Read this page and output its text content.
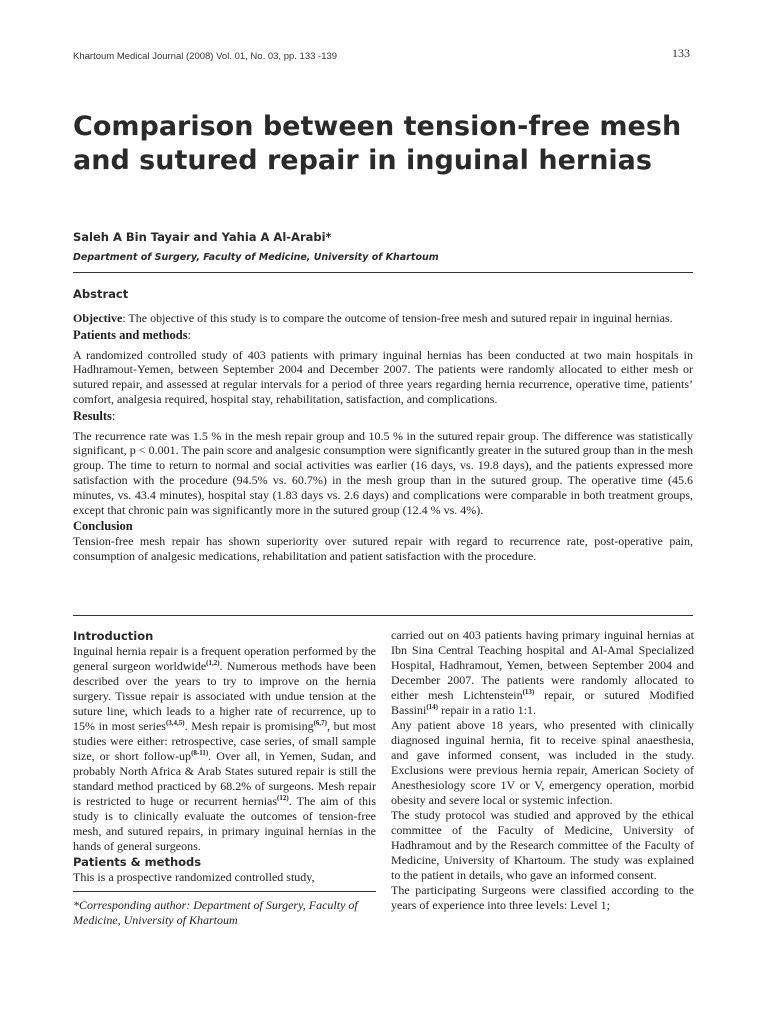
Khartoum Medical Journal (2008) Vol. 01, No. 03, pp. 133 -139	133
Comparison between tension-free mesh and sutured repair in inguinal hernias
Saleh A Bin Tayair and Yahia A Al-Arabi*
Department of Surgery, Faculty of Medicine, University of Khartoum
Abstract

Objective: The objective of this study is to compare the outcome of tension-free mesh and sutured repair in inguinal hernias.

Patients and methods:

A randomized controlled study of 403 patients with primary inguinal hernias has been conducted at two main hospitals in Hadhramout-Yemen, between September 2004 and December 2007. The patients were randomly allocated to either mesh or sutured repair, and assessed at regular intervals for a period of three years regarding hernia recurrence, operative time, patients’ comfort, analgesia required, hospital stay, rehabilitation, satisfaction, and complications.

Results:

The recurrence rate was 1.5 % in the mesh repair group and 10.5 % in the sutured repair group. The difference was statistically significant, p < 0.001. The pain score and analgesic consumption were significantly greater in the sutured group than in the mesh group. The time to return to normal and social activities was earlier (16 days, vs. 19.8 days), and the patients expressed more satisfaction with the procedure (94.5% vs. 60.7%) in the mesh group than in the sutured group. The operative time (45.6 minutes, vs. 43.4 minutes), hospital stay (1.83 days vs. 2.6 days) and complications were comparable in both treatment groups, except that chronic pain was significantly more in the sutured group (12.4 % vs. 4%).

Conclusion

Tension-free mesh repair has shown superiority over sutured repair with regard to recurrence rate, post-operative pain, consumption of analgesic medications, rehabilitation and patient satisfaction with the procedure.

Introduction

Inguinal hernia repair is a frequent operation performed by the general surgeon worldwide$^{(1,2)}$. Numerous methods have been described over the years to try to improve on the hernia surgery. Tissue repair is associated with undue tension at the suture line, which leads to a higher rate of recurrence, up to 15% in most series$^{(3,4,5)}$. Mesh repair is promising$^{(6,7)}$, but most studies were either: retrospective, case series, of small sample size, or short follow-$up^{(8-11)}$. Over all, in Yemen, Sudan, and probably North Africa & Arab States sutured repair is still the standard method practiced by 68.2% of surgeons. Mesh repair is restricted to huge or recurrent hernias$^{(12)}$. The aim of this study is to clinically evaluate the outcomes of tension-free mesh, and sutured repairs, in primary inguinal hernias in the hands of general surgeons.

Patients & methods

This is a prospective randomized controlled study,

*Corresponding author: Department of Surgery, Faculty of Medicine, University of Khartoum

carried out on 403 patients having primary inguinal hernias at Ibn Sina Central Teaching hospital and Al-Amal Specialized Hospital, Hadhramout, Yemen, between September 2004 and December 2007. The patients were randomly allocated to either mesh Lichtenstein$^{(13)}$ repair, or sutured Modified Bassini$^{(14)}$ repair in a ratio 1:1.

Any patient above 18 years, who presented with clinically diagnosed inguinal hernia, fit to receive spinal anaesthesia, and gave informed consent, was included in the study. Exclusions were previous hernia repair, American Society of Anesthesiology score 1V or V, emergency operation, morbid obesity and severe local or systemic infection.

The study protocol was studied and approved by the ethical committee of the Faculty of Medicine, University of Hadhramout and by the Research committee of the Faculty of Medicine, University of Khartoum. The study was explained to the patient in details, who gave an informed consent.

The participating Surgeons were classified according to the years of experience into three levels: Level 1;
